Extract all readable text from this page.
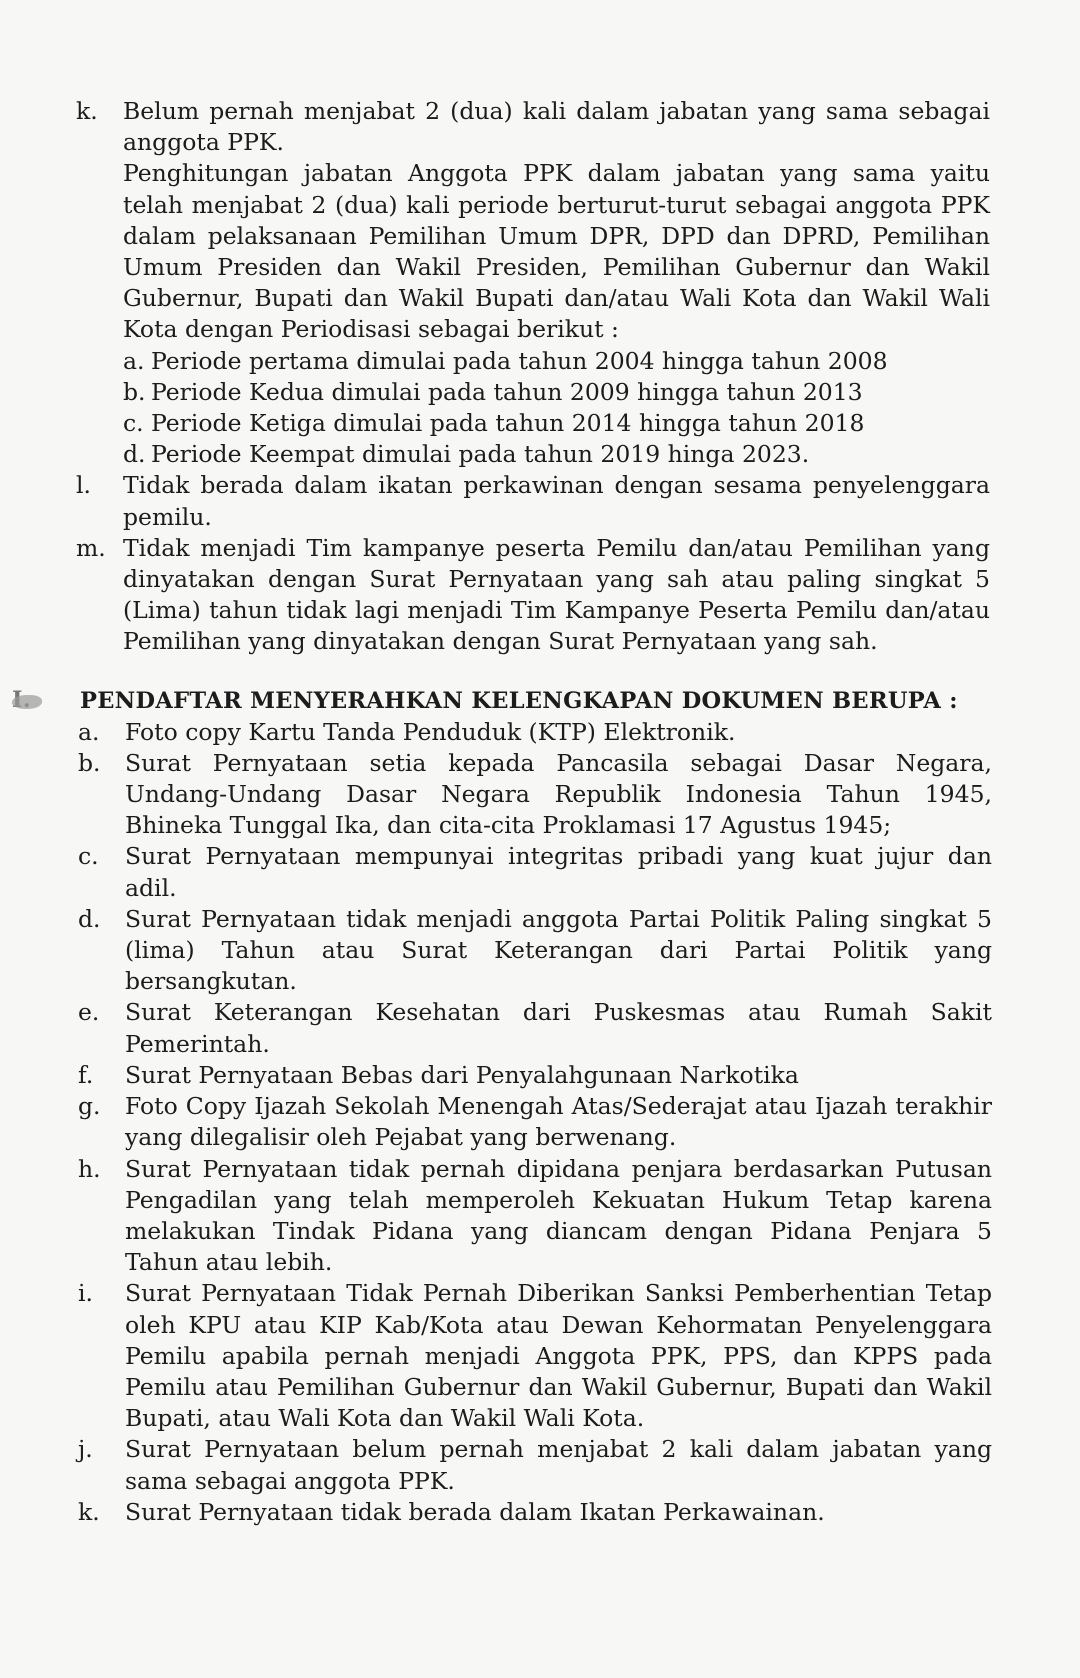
k.	Belum pernah menjabat 2 (dua) kali dalam jabatan yang sama sebagai anggota PPK.

Penghitungan jabatan Anggota PPK dalam jabatan yang sama yaitu telah menjabat 2 (dua) kali periode berturut-turut sebagai anggota PPK dalam pelaksanaan Pemilihan Umum DPR, DPD dan DPRD, Pemilihan Umum Presiden dan Wakil Presiden, Pemilihan Gubernur dan Wakil Gubernur, Bupati dan Wakil Bupati dan/atau Wali Kota dan Wakil Wali Kota dengan Periodisasi sebagai berikut :

a. Periode pertama dimulai pada tahun 2004 hingga tahun 2008
b. Periode Kedua dimulai pada tahun 2009 hingga tahun 2013
c. Periode Ketiga dimulai pada tahun 2014 hingga tahun 2018
d. Periode Keempat dimulai pada tahun 2019 hinga 2023.
l.	Tidak berada dalam ikatan perkawinan dengan sesama penyelenggara pemilu.

m. Tidak menjadi Tim kampanye peserta Pemilu dan/atau Pemilihan yang dinyatakan dengan Surat Pernyataan yang sah atau paling singkat 5 (Lima) tahun tidak lagi menjadi Tim Kampanye Peserta Pemilu dan/atau Pemilihan yang dinyatakan dengan Surat Pernyataan yang sah.

PENDAFTAR MENYERAHKAN KELENGKAPAN DOKUMEN BERUPA :
a.	Foto copy Kartu Tanda Penduduk (KTP) Elektronik.
b.	Surat Pernyataan setia kepada Pancasila sebagai Dasar Negara, Undang-Undang Dasar Negara Republik Indonesia Tahun 1945, Bhineka Tunggal Ika, dan cita-cita Proklamasi 17 Agustus 1945;
c.	Surat Pernyataan mempunyai integritas pribadi yang kuat jujur dan adil.
d.	Surat Pernyataan tidak menjadi anggota Partai Politik Paling singkat 5 (lima) Tahun atau Surat Keterangan dari Partai Politik yang bersangkutan.
e.	Surat Keterangan Kesehatan dari Puskesmas atau Rumah Sakit Pemerintah.
f.	Surat Pernyataan Bebas dari Penyalahgunaan Narkotika
g.	Foto Copy Ijazah Sekolah Menengah Atas/Sederajat atau Ijazah terakhir yang dilegalisir oleh Pejabat yang berwenang.
h.	Surat Pernyataan tidak pernah dipidana penjara berdasarkan Putusan Pengadilan yang telah memperoleh Kekuatan Hukum Tetap karena melakukan Tindak Pidana yang diancam dengan Pidana Penjara 5 Tahun atau lebih.
i.	Surat Pernyataan Tidak Pernah Diberikan Sanksi Pemberhentian Tetap oleh KPU atau KIP Kab/Kota atau Dewan Kehormatan Penyelenggara Pemilu apabila pernah menjadi Anggota PPK, PPS, dan KPPS pada Pemilu atau Pemilihan Gubernur dan Wakil Gubernur, Bupati dan Wakil Bupati, atau Wali Kota dan Wakil Wali Kota.
j.	Surat Pernyataan belum pernah menjabat 2 kali dalam jabatan yang sama sebagai anggota PPK.
k.	Surat Pernyataan tidak berada dalam Ikatan Perkawainan.
